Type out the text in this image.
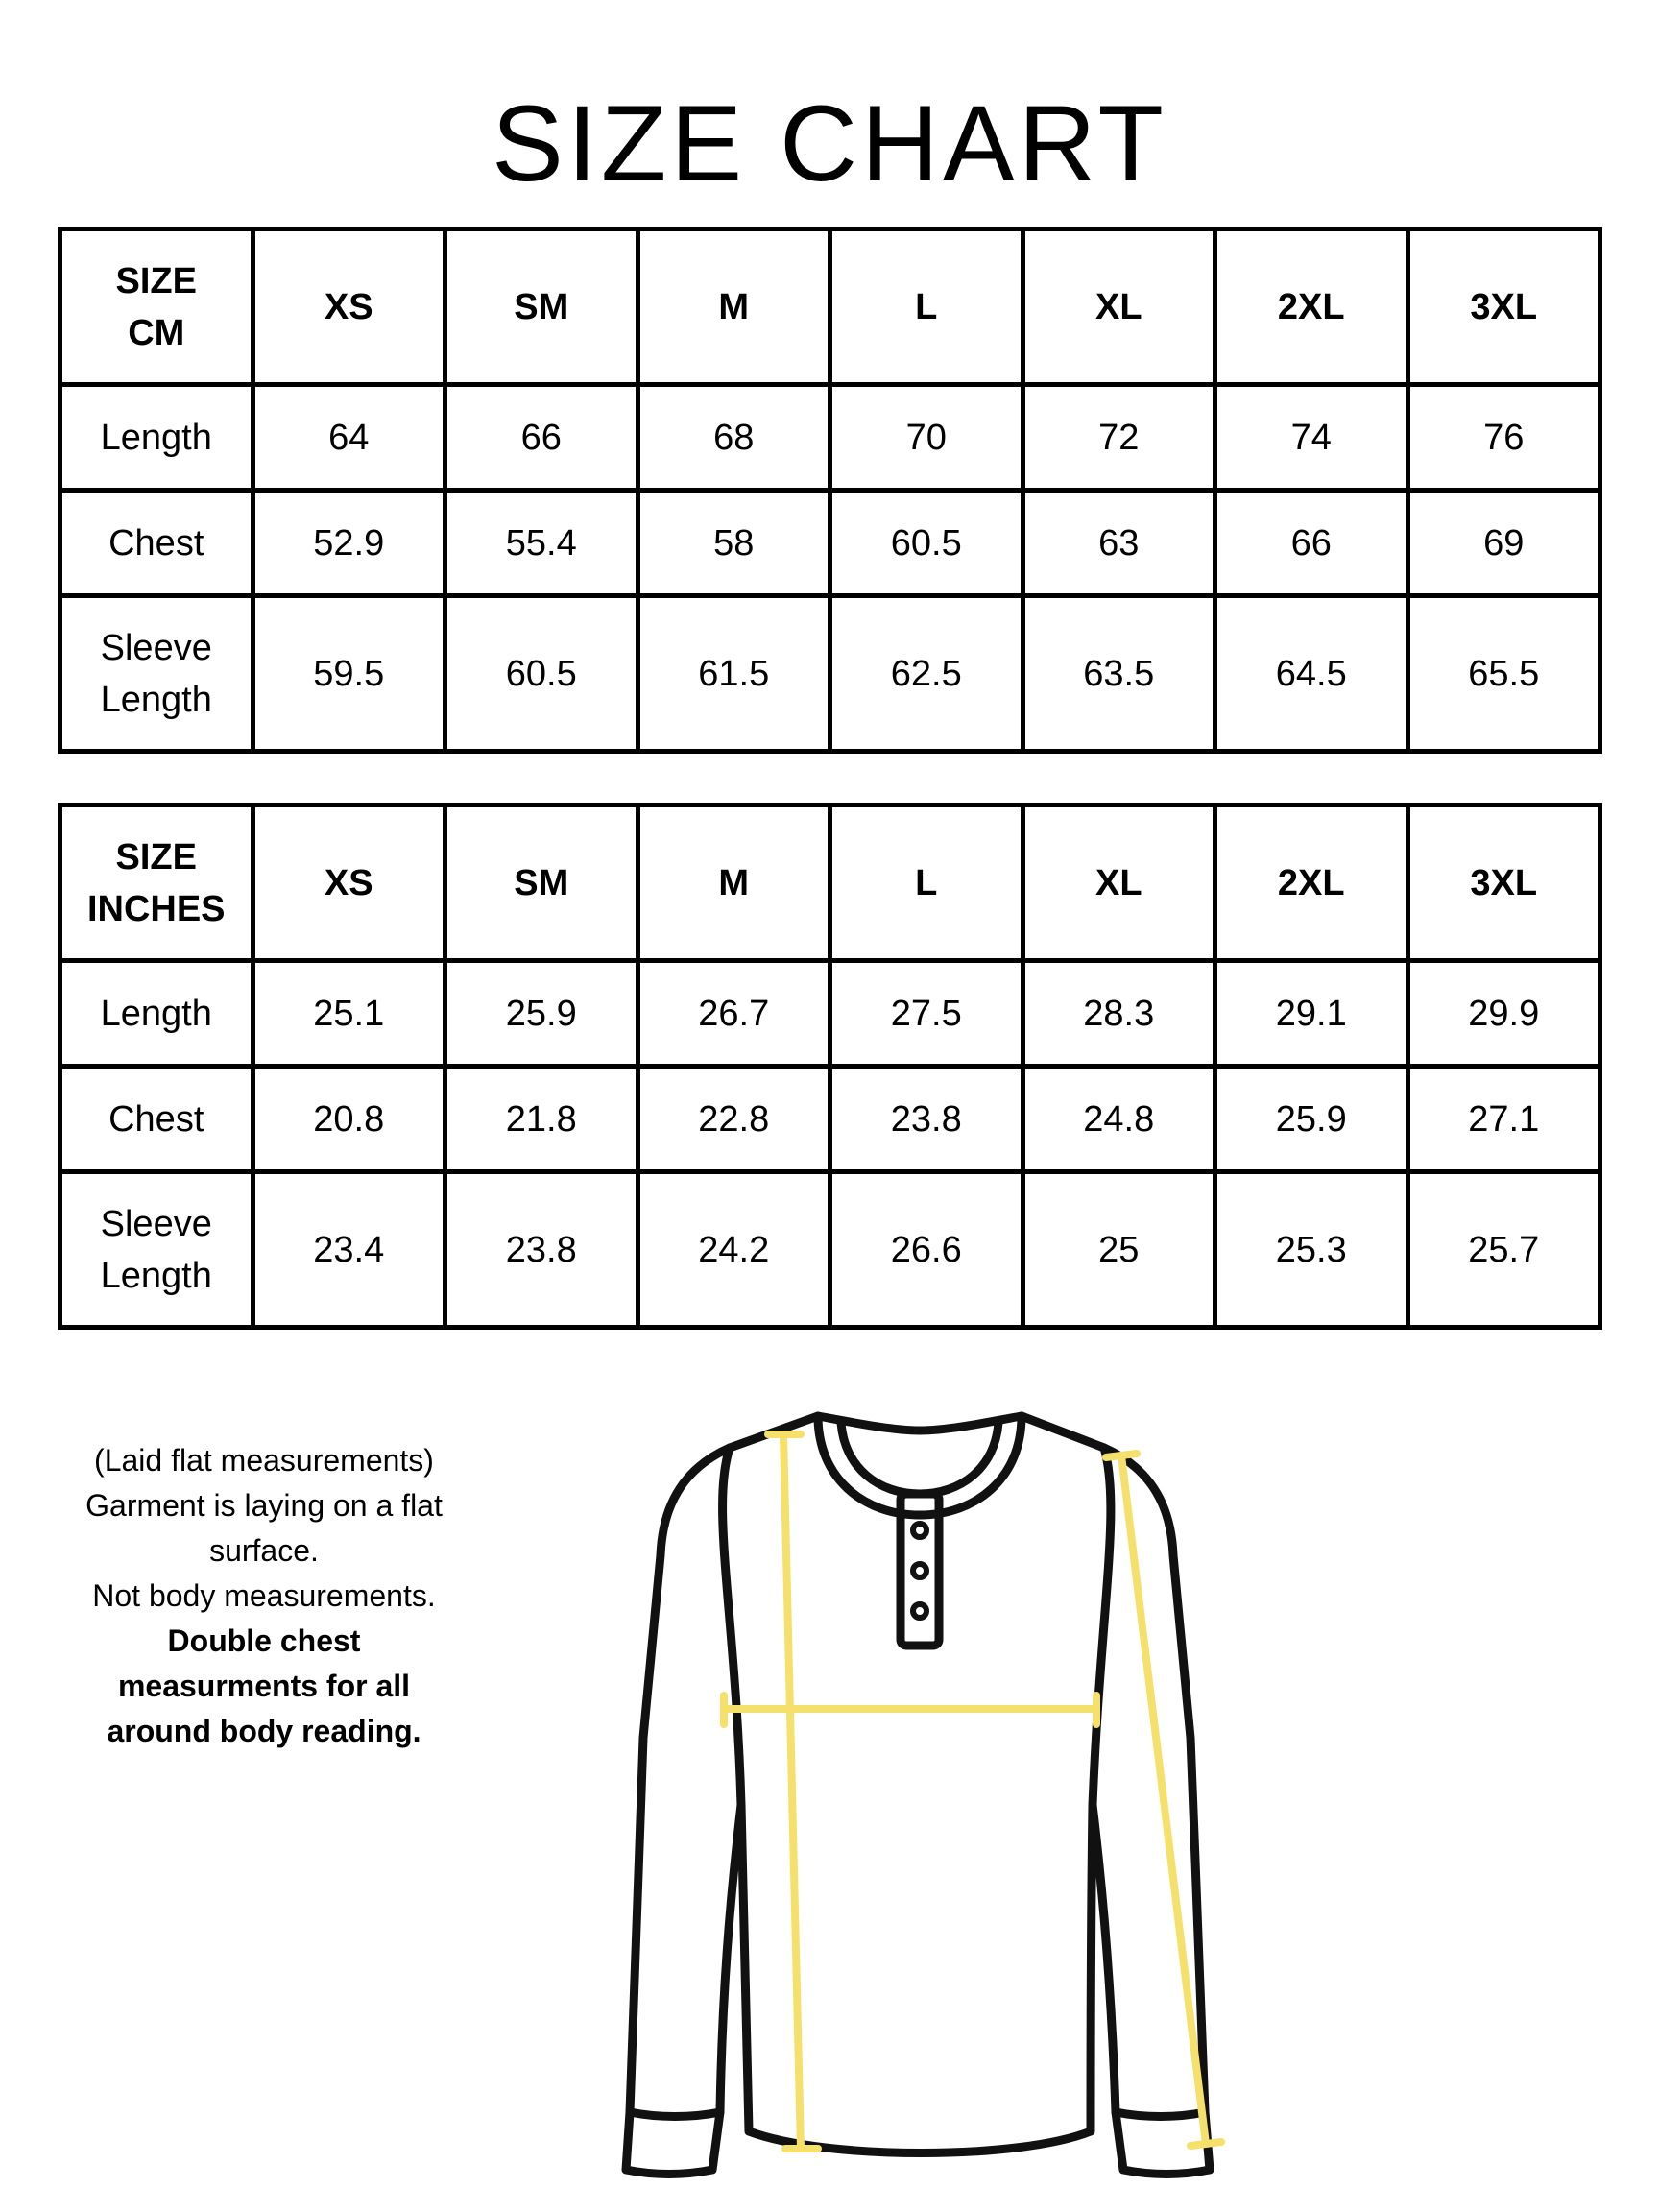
SIZE CHART
SIZE
CM	XS	SM	M	L	XL	2XL	3XL
Length	64	66	68	70	72	74	76
Chest	52.9	55.4	58	60.5	63	66	69

Sleeve
Length	59.5	60.5	61.5	62.5	63.5	64.5	65.5
SIZE
INCHES	XS	SM	M	L	XL	2XL	3XL
Length	25.1	25.9	26.7	27.5	28.3	29.1	29.9
Chest	20.8	21.8	22.8	23.8	24.8	25.9	27.1

Sleeve
Length	23.4	23.8	24.2	26.6	25	25.3	25.7
(Laid flat measurements)
Garment is laying on a flat
surface.
Not body measurements.
Double chest
measurments for all
around body reading.
